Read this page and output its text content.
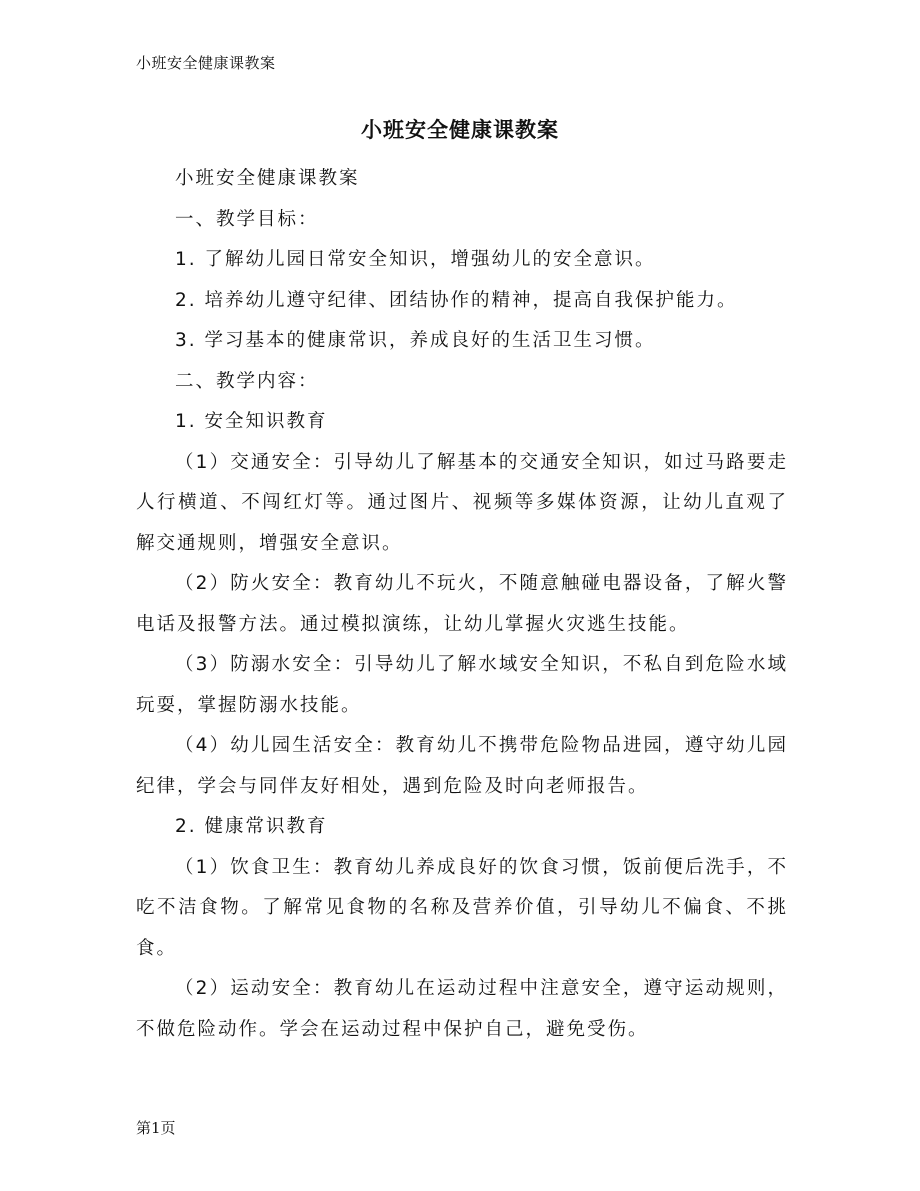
小班安全健康课教案
小班安全健康课教案

小班安全健康课教案

一、教学目标：

1. 了解幼儿园日常安全知识，增强幼儿的安全意识。

2. 培养幼儿遵守纪律、团结协作的精神，提高自我保护能力。

3. 学习基本的健康常识，养成良好的生活卫生习惯。

二、教学内容：

1. 安全知识教育

（1）交通安全：引导幼儿了解基本的交通安全知识，如过马路要走人行横道、不闯红灯等。通过图片、视频等多媒体资源，让幼儿直观了解交通规则，增强安全意识。

（2）防火安全：教育幼儿不玩火，不随意触碰电器设备，了解火警电话及报警方法。通过模拟演练，让幼儿掌握火灾逃生技能。

（3）防溺水安全：引导幼儿了解水域安全知识，不私自到危险水域玩耍，掌握防溺水技能。

（4）幼儿园生活安全：教育幼儿不携带危险物品进园，遵守幼儿园纪律，学会与同伴友好相处，遇到危险及时向老师报告。

2. 健康常识教育

（1）饮食卫生：教育幼儿养成良好的饮食习惯，饭前便后洗手，不吃不洁食物。了解常见食物的名称及营养价值，引导幼儿不偏食、不挑食。

（2）运动安全：教育幼儿在运动过程中注意安全，遵守运动规则，不做危险动作。学会在运动过程中保护自己，避免受伤。

第1页
